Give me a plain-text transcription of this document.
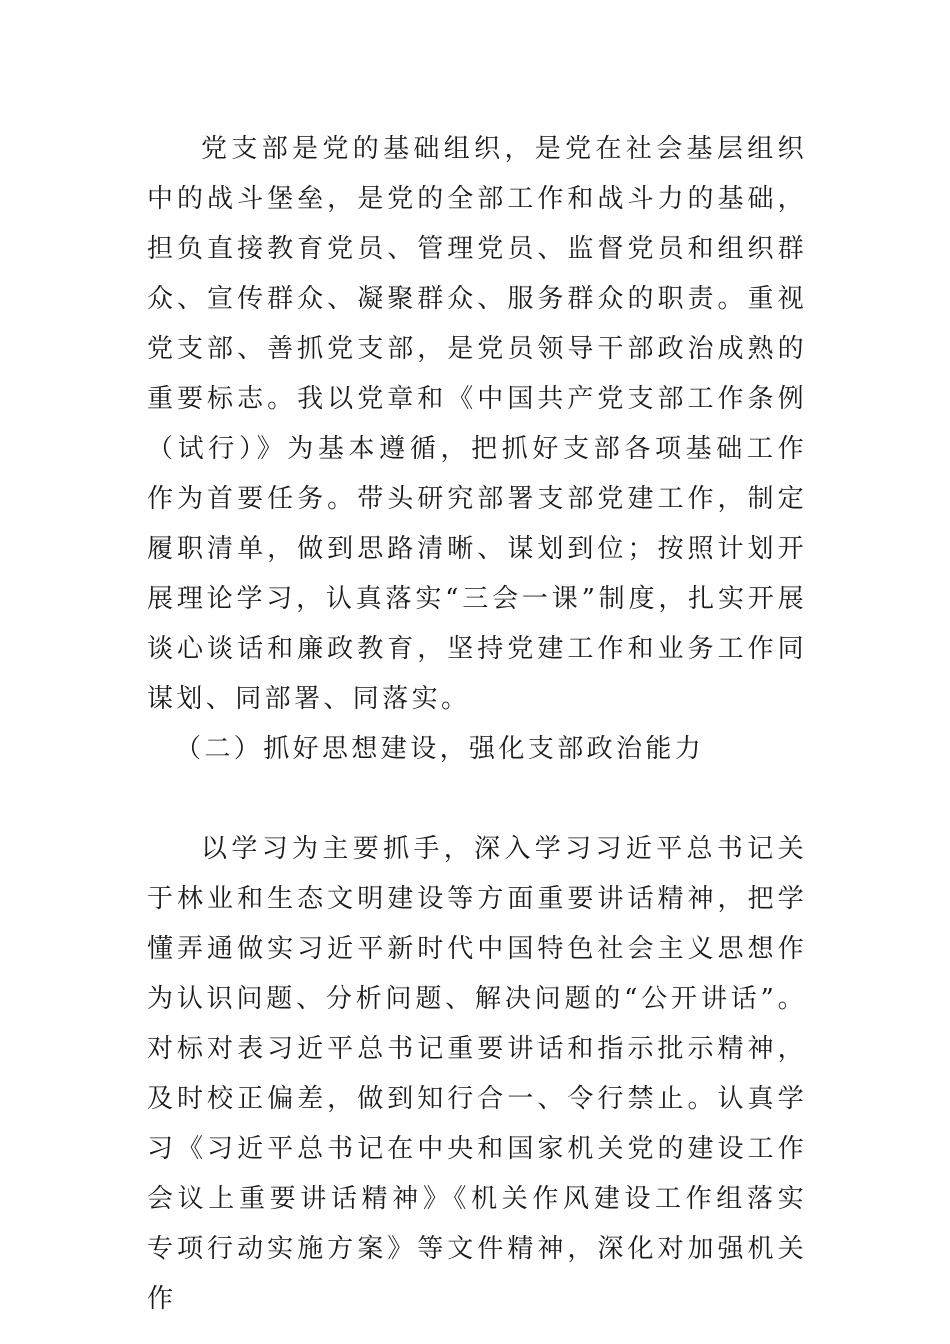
党支部是党的基础组织，是党在社会基层组织中的战斗堡垒，是党的全部工作和战斗力的基础，担负直接教育党员、管理党员、监督党员和组织群众、宣传群众、凝聚群众、服务群众的职责。重视党支部、善抓党支部，是党员领导干部政治成熟的重要标志。我以党章和《中国共产党支部工作条例（试行）》为基本遵循，把抓好支部各项基础工作作为首要任务。带头研究部署支部党建工作，制定履职清单，做到思路清晰、谋划到位；按照计划开展理论学习，认真落实“三会一课”制度，扎实开展谈心谈话和廉政教育，坚持党建工作和业务工作同谋划、同部署、同落实。

（二）抓好思想建设，强化支部政治能力

以学习为主要抓手，深入学习习近平总书记关于林业和生态文明建设等方面重要讲话精神，把学懂弄通做实习近平新时代中国特色社会主义思想作为认识问题、分析问题、解决问题的“公开讲话”。对标对表习近平总书记重要讲话和指示批示精神，及时校正偏差，做到知行合一、令行禁止。认真学习《习近平总书记在中央和国家机关党的建设工作会议上重要讲话精神》《机关作风建设工作组落实专项行动实施方案》等文件精神，深化对加强机关作
